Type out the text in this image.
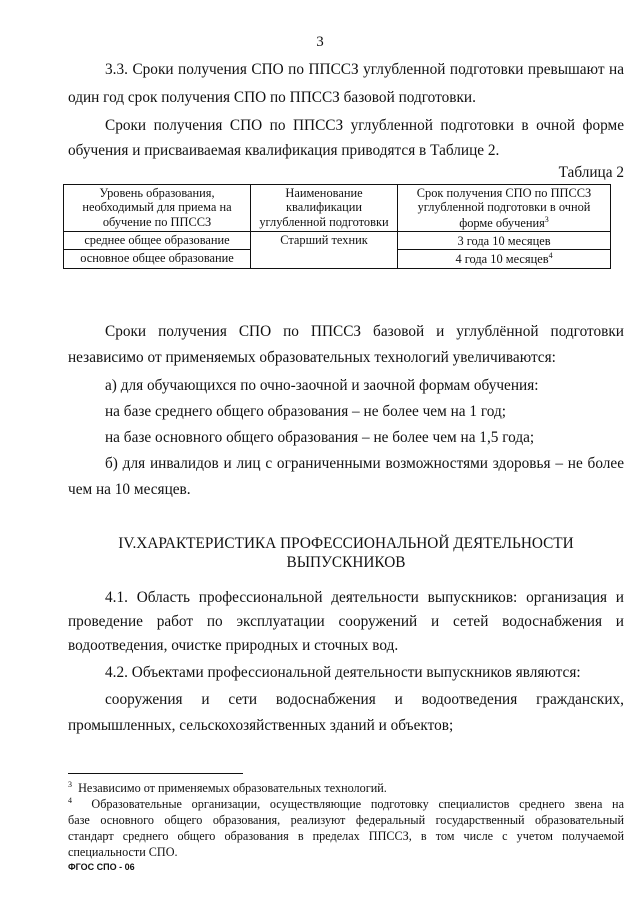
3
3.3. Сроки получения СПО по ППССЗ углубленной подготовки превышают на
один год срок получения СПО по ППССЗ базовой подготовки.
Сроки получения СПО по ППССЗ углубленной подготовки в очной форме
обучения и присваиваемая квалификация приводятся в Таблице 2.
Таблица 2
Уровень образования, необходимый для приема на обучение по ППССЗ	Наименование квалификации углубленной подготовки	Срок получения СПО по ППССЗ углубленной подготовки в очной форме обучения$^3$
среднее общее образование	Старший техник	3 года 10 месяцев
основное общее образование		4 года 10 месяцев$^4$
Сроки получения СПО по ППССЗ базовой и углублённой подготовки
независимо от применяемых образовательных технологий увеличиваются:
а) для обучающихся по очно-заочной и заочной формам обучения:
на базе среднего общего образования – не более чем на 1 год;
на базе основного общего образования – не более чем на 1,5 года;
б) для инвалидов и лиц с ограниченными возможностями здоровья – не более
чем на 10 месяцев.
IV.ХАРАКТЕРИСТИКА ПРОФЕССИОНАЛЬНОЙ ДЕЯТЕЛЬНОСТИ
ВЫПУСКНИКОВ
4.1. Область профессиональной деятельности выпускников: организация и
проведение работ по эксплуатации сооружений и сетей водоснабжения и
водоотведения, очистке природных и сточных вод.
4.2. Объектами профессиональной деятельности выпускников являются:
сооружения и сети водоснабжения и водоотведения гражданских,
промышленных, сельскохозяйственных зданий и объектов;
$^3$ Независимо от применяемых образовательных технологий.
$^4$ Образовательные организации, осуществляющие подготовку специалистов среднего звена на
базе основного общего образования, реализуют федеральный государственный образовательный
стандарт среднего общего образования в пределах ППССЗ, в том числе с учетом получаемой
специальности СПО.
ФГОС СПО - 06
